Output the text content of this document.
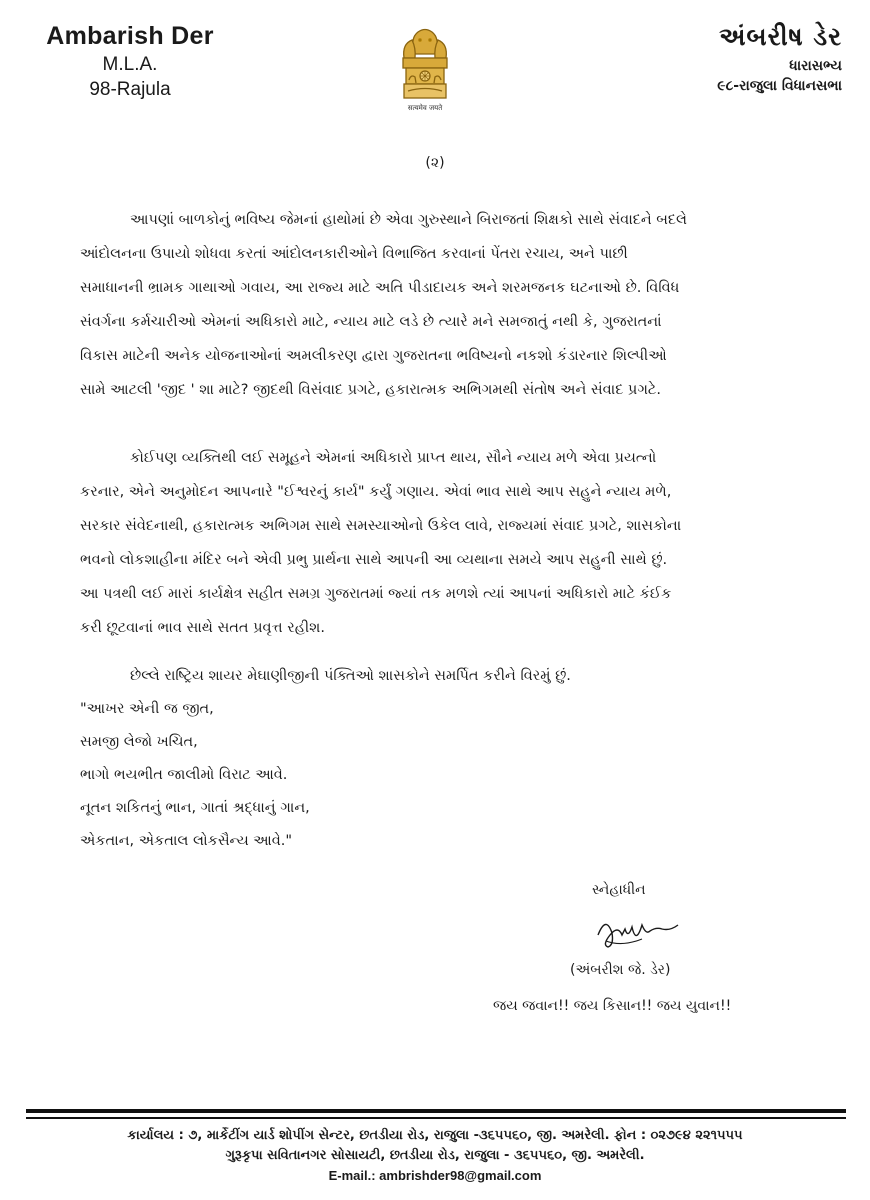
Ambarish Der
M.L.A.
98-Rajula
सत्यमेव जयते
અંબરીષ ડેર
ધારાસભ્ય
૯૮-રાજુલા વિધાનસભા
(૨)
આપણાં બાળકોનું ભવિષ્ય જેમનાં હાથોમાં છે એવા ગુરુસ્થાને બિરાજતાં શિક્ષકો સાથે સંવાદને બદલે
આંદોલનના ઉપાયો શોધવા કરતાં આંદોલનકારીઓને વિભાજિત કરવાનાં પેંતરા રચાય, અને પાછી
સમાધાનની ભ્રામક ગાથાઓ ગવાય, આ રાજ્ય માટે અતિ પીડાદાયક અને શરમજનક ઘટનાઓ છે. વિવિધ
સંવર્ગના કર્મચારીઓ એમનાં અધિકારો માટે, ન્યાય માટે લડે છે ત્યારે મને સમજાતું નથી કે, ગુજરાતનાં
વિકાસ માટેની અનેક યોજનાઓનાં અમલીકરણ દ્વારા ગુજરાતના ભવિષ્યનો નકશો કંડારનાર શિલ્પીઓ
સામે આટલી 'જીદ ' શા માટે? જીદથી વિસંવાદ પ્રગટે, હકારાત્મક અભિગમથી સંતોષ અને સંવાદ પ્રગટે.
કોઈપણ વ્યક્તિથી લઈ સમૂહને એમનાં અધિકારો પ્રાપ્ત થાય, સૌને ન્યાય મળે એવા પ્રયત્નો
કરનાર, એને અનુમોદન આપનારે "ઈશ્વરનું કાર્ય" કર્યું ગણાય. એવાં ભાવ સાથે આપ સહુને ન્યાય મળે,
સરકાર સંવેદનાથી, હકારાત્મક અભિગમ સાથે સમસ્યાઓનો ઉકેલ લાવે, રાજ્યમાં સંવાદ પ્રગટે, શાસકોના
ભવનો લોકશાહીના મંદિર બને એવી પ્રભુ પ્રાર્થના સાથે આપની આ વ્યથાના સમયે આપ સહુની સાથે છું.
આ પત્રથી લઈ મારાં કાર્યક્ષેત્ર સહીત સમગ્ર ગુજરાતમાં જ્યાં તક મળશે ત્યાં આપનાં અધિકારો માટે કંઈક
કરી છૂટવાનાં ભાવ સાથે સતત પ્રવૃત્ત રહીશ.
છેલ્લે રાષ્ટ્રિય શાયર મેઘાણીજીની પંક્તિઓ શાસકોને સમર્પિત કરીને વિરમું છું.
"આખર એની જ જીત,
સમજી લેજો ખચિત,
ભાગો ભયભીત જાલીમો વિરાટ આવે.
નૂતન શકિતનું ભાન, ગાતાં શ્રદ્ધાનું ગાન,
એકતાન, એકતાલ લોકસૈન્ય આવે."
સ્નેહાધીન
(અંબરીશ જે. ડેર)
જય જવાન!! જય કિસાન!! જય યુવાન!!
કાર્યાલય : ૭, માર્કેટીંગ યાર્ડ શોપીંગ સેન્ટર, છતડીયા રોડ, રાજુલા -૩૬૫૫૬૦, જી. અમરેલી. ફોન : ૦૨૭૯૪ ૨૨૧૫૫૫
ગુરૂકૃપા સવિતાનગર સોસાયટી, છતડીયા રોડ, રાજુલા - ૩૬૫૫૬૦, જી. અમરેલી.
E-mail.: ambrishder98@gmail.com
